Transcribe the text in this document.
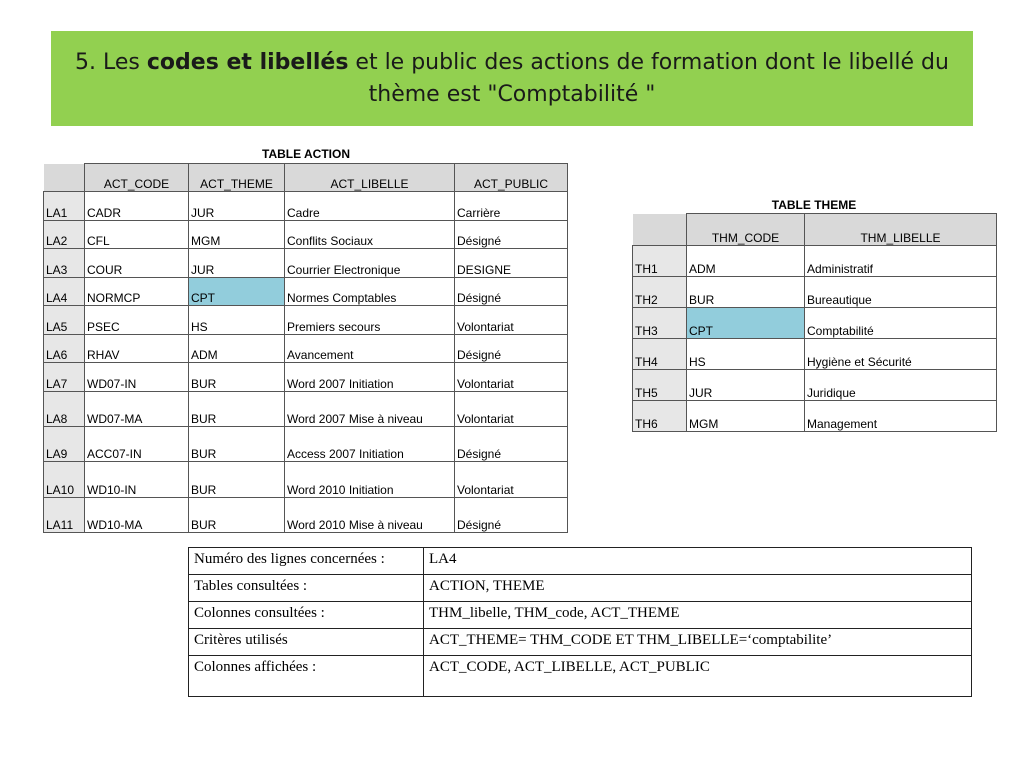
5. Les codes et libellés et le public des actions de formation dont le libellé du thème est "Comptabilité "
TABLE ACTION
	ACT_CODE	ACT_THEME	ACT_LIBELLE	ACT_PUBLIC
LA1	CADR	JUR	Cadre	Carrière
LA2	CFL	MGM	Conflits Sociaux	Désigné
LA3	COUR	JUR	Courrier Electronique	DESIGNE
LA4	NORMCP	CPT	Normes Comptables	Désigné
LA5	PSEC	HS	Premiers secours	Volontariat
LA6	RHAV	ADM	Avancement	Désigné
LA7	WD07-IN	BUR	Word 2007 Initiation	Volontariat
LA8	WD07-MA	BUR	Word 2007 Mise à niveau	Volontariat
LA9	ACC07-IN	BUR	Access 2007 Initiation	Désigné
LA10	WD10-IN	BUR	Word 2010 Initiation	Volontariat
LA11	WD10-MA	BUR	Word 2010 Mise à niveau	Désigné
TABLE THEME
	THM_CODE	THM_LIBELLE
TH1	ADM	Administratif
TH2	BUR	Bureautique
TH3	CPT	Comptabilité
TH4	HS	Hygiène et Sécurité
TH5	JUR	Juridique
TH6	MGM	Management
Numéro des lignes concernées :	LA4
Tables consultées :	ACTION, THEME
Colonnes consultées :	THM_libelle, THM_code, ACT_THEME
Critères utilisés	ACT_THEME= THM_CODE ET THM_LIBELLE=‘comptabilite’
Colonnes affichées :	ACT_CODE, ACT_LIBELLE, ACT_PUBLIC
